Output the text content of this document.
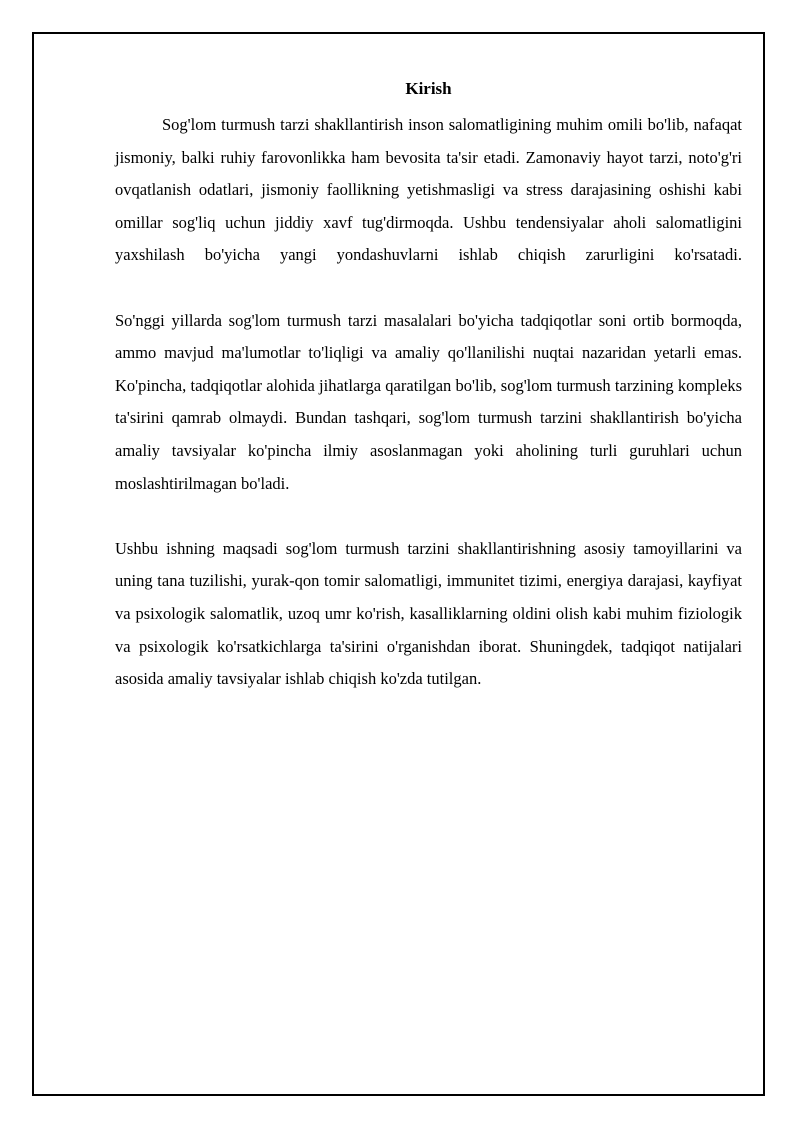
Kirish

Sog'lom turmush tarzi shakllantirish inson salomatligining muhim omili bo'lib, nafaqat jismoniy, balki ruhiy farovonlikka ham bevosita ta'sir etadi. Zamonaviy hayot tarzi, noto'g'ri ovqatlanish odatlari, jismoniy faollikning yetishmasligi va stress darajasining oshishi kabi omillar sog'liq uchun jiddiy xavf tug'dirmoqda. Ushbu tendensiyalar aholi salomatligini yaxshilash bo'yicha yangi yondashuvlarni ishlab chiqish zarurligini ko'rsatadi.

So'nggi yillarda sog'lom turmush tarzi masalalari bo'yicha tadqiqotlar soni ortib bormoqda, ammo mavjud ma'lumotlar to'liqligi va amaliy qo'llanilishi nuqtai nazaridan yetarli emas. Ko'pincha, tadqiqotlar alohida jihatlarga qaratilgan bo'lib, sog'lom turmush tarzining kompleks ta'sirini qamrab olmaydi. Bundan tashqari, sog'lom turmush tarzini shakllantirish bo'yicha amaliy tavsiyalar ko'pincha ilmiy asoslanmagan yoki aholining turli guruhlari uchun moslashtirilmagan bo'ladi.

Ushbu ishning maqsadi sog'lom turmush tarzini shakllantirishning asosiy tamoyillarini va uning tana tuzilishi, yurak-qon tomir salomatligi, immunitet tizimi, energiya darajasi, kayfiyat va psixologik salomatlik, uzoq umr ko'rish, kasalliklarning oldini olish kabi muhim fiziologik va psixologik ko'rsatkichlarga ta'sirini o'rganishdan iborat. Shuningdek, tadqiqot natijalari asosida amaliy tavsiyalar ishlab chiqish ko'zda tutilgan.
